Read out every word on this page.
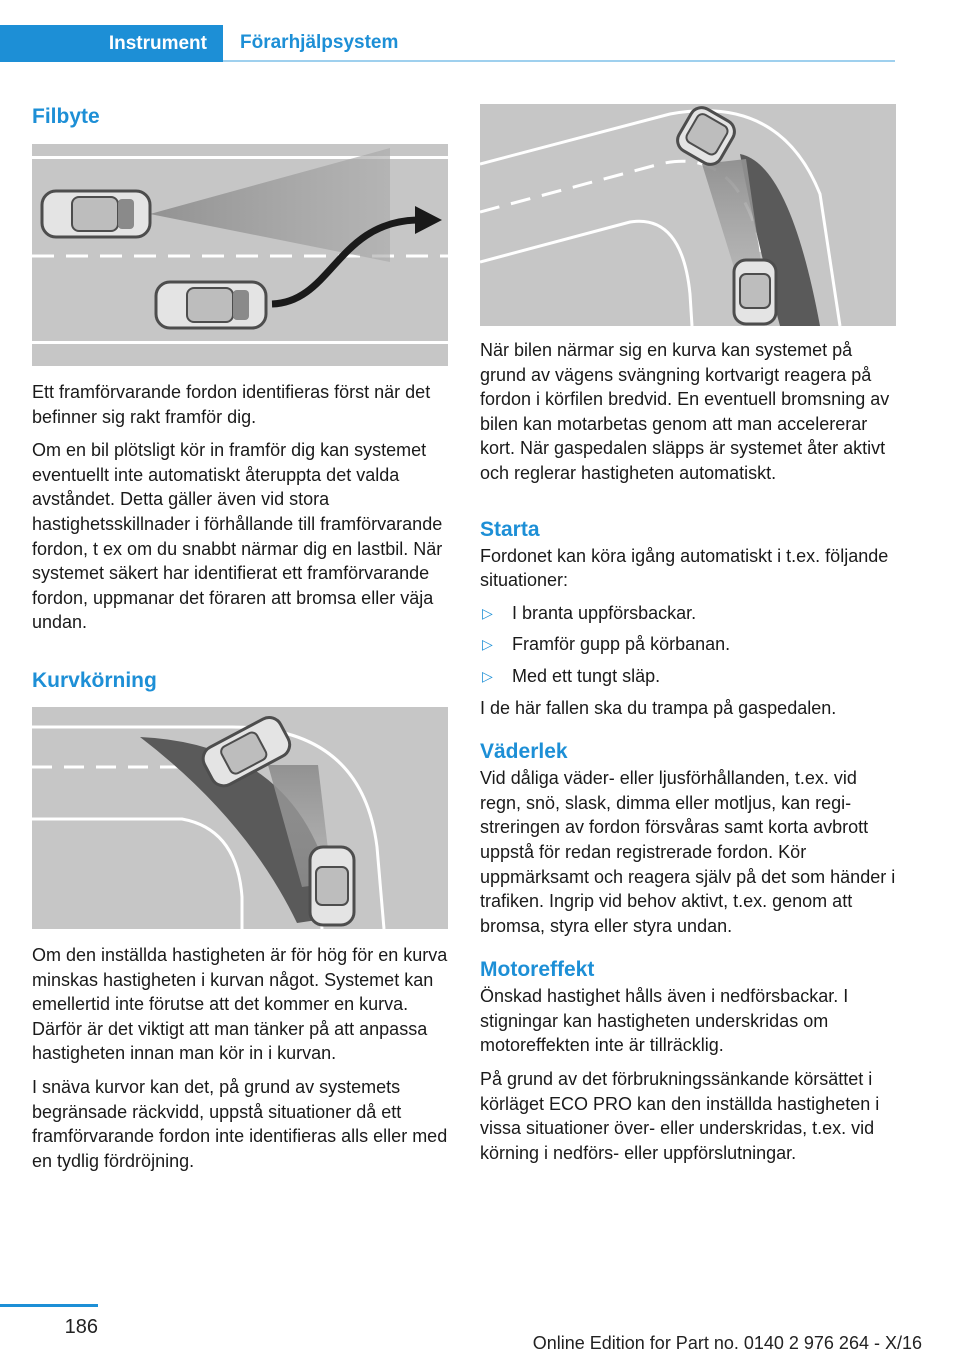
Instrument	Förarhjälpsystem
Filbyte

Ett framförvarande fordon identifieras först när det befinner sig rakt framför dig.

Om en bil plötsligt kör in framför dig kan systemet eventuellt inte automatiskt återuppta det valda avståndet. Detta gäller även vid stora hastighetsskillnader i förhållande till framförvarande fordon, t ex om du snabbt närmar dig en lastbil. När systemet säkert har identifierat ett framförvarande fordon, uppmanar det föraren att bromsa eller väja undan.

Kurvkörning

Om den inställda hastigheten är för hög för en kurva minskas hastigheten i kurvan något. Systemet kan emellertid inte förutse att det kommer en kurva. Därför är det viktigt att man tänker på att anpassa hastigheten innan man kör in i kurvan.

I snäva kurvor kan det, på grund av systemets begränsade räckvidd, uppstå situationer då ett framförvarande fordon inte identifieras alls eller med en tydlig fördröjning.

När bilen närmar sig en kurva kan systemet på grund av vägens svängning kortvarigt reagera på fordon i körfilen bredvid. En eventuell bromsning av bilen kan motarbetas genom att man accelererar kort. När gaspedalen släpps är systemet åter aktivt och reglerar hastigheten automatiskt.

Starta

Fordonet kan köra igång automatiskt i t.ex. följande situationer:

▷ I branta uppförsbackar.
▷ Framför gupp på körbanan.
▷ Med ett tungt släp.

I de här fallen ska du trampa på gaspedalen.

Väderlek

Vid dåliga väder- eller ljusförhållanden, t.ex. vid regn, snö, slask, dimma eller motljus, kan registreringen av fordon försvåras samt korta avbrott uppstå för redan registrerade fordon. Kör uppmärksamt och reagera själv på det som händer i trafiken. Ingrip vid behov aktivt, t.ex. genom att bromsa, styra eller styra undan.

Motoreffekt

Önskad hastighet hålls även i nedförsbackar. I stigningar kan hastigheten underskridas om motoreffekten inte är tillräcklig.

På grund av det förbrukningssänkande körsättet i körläget ECO PRO kan den inställda hastigheten i vissa situationer över- eller underskridas, t.ex. vid körning i nedförs- eller uppförslutningar.

186
Online Edition for Part no. 0140 2 976 264 - X/16
